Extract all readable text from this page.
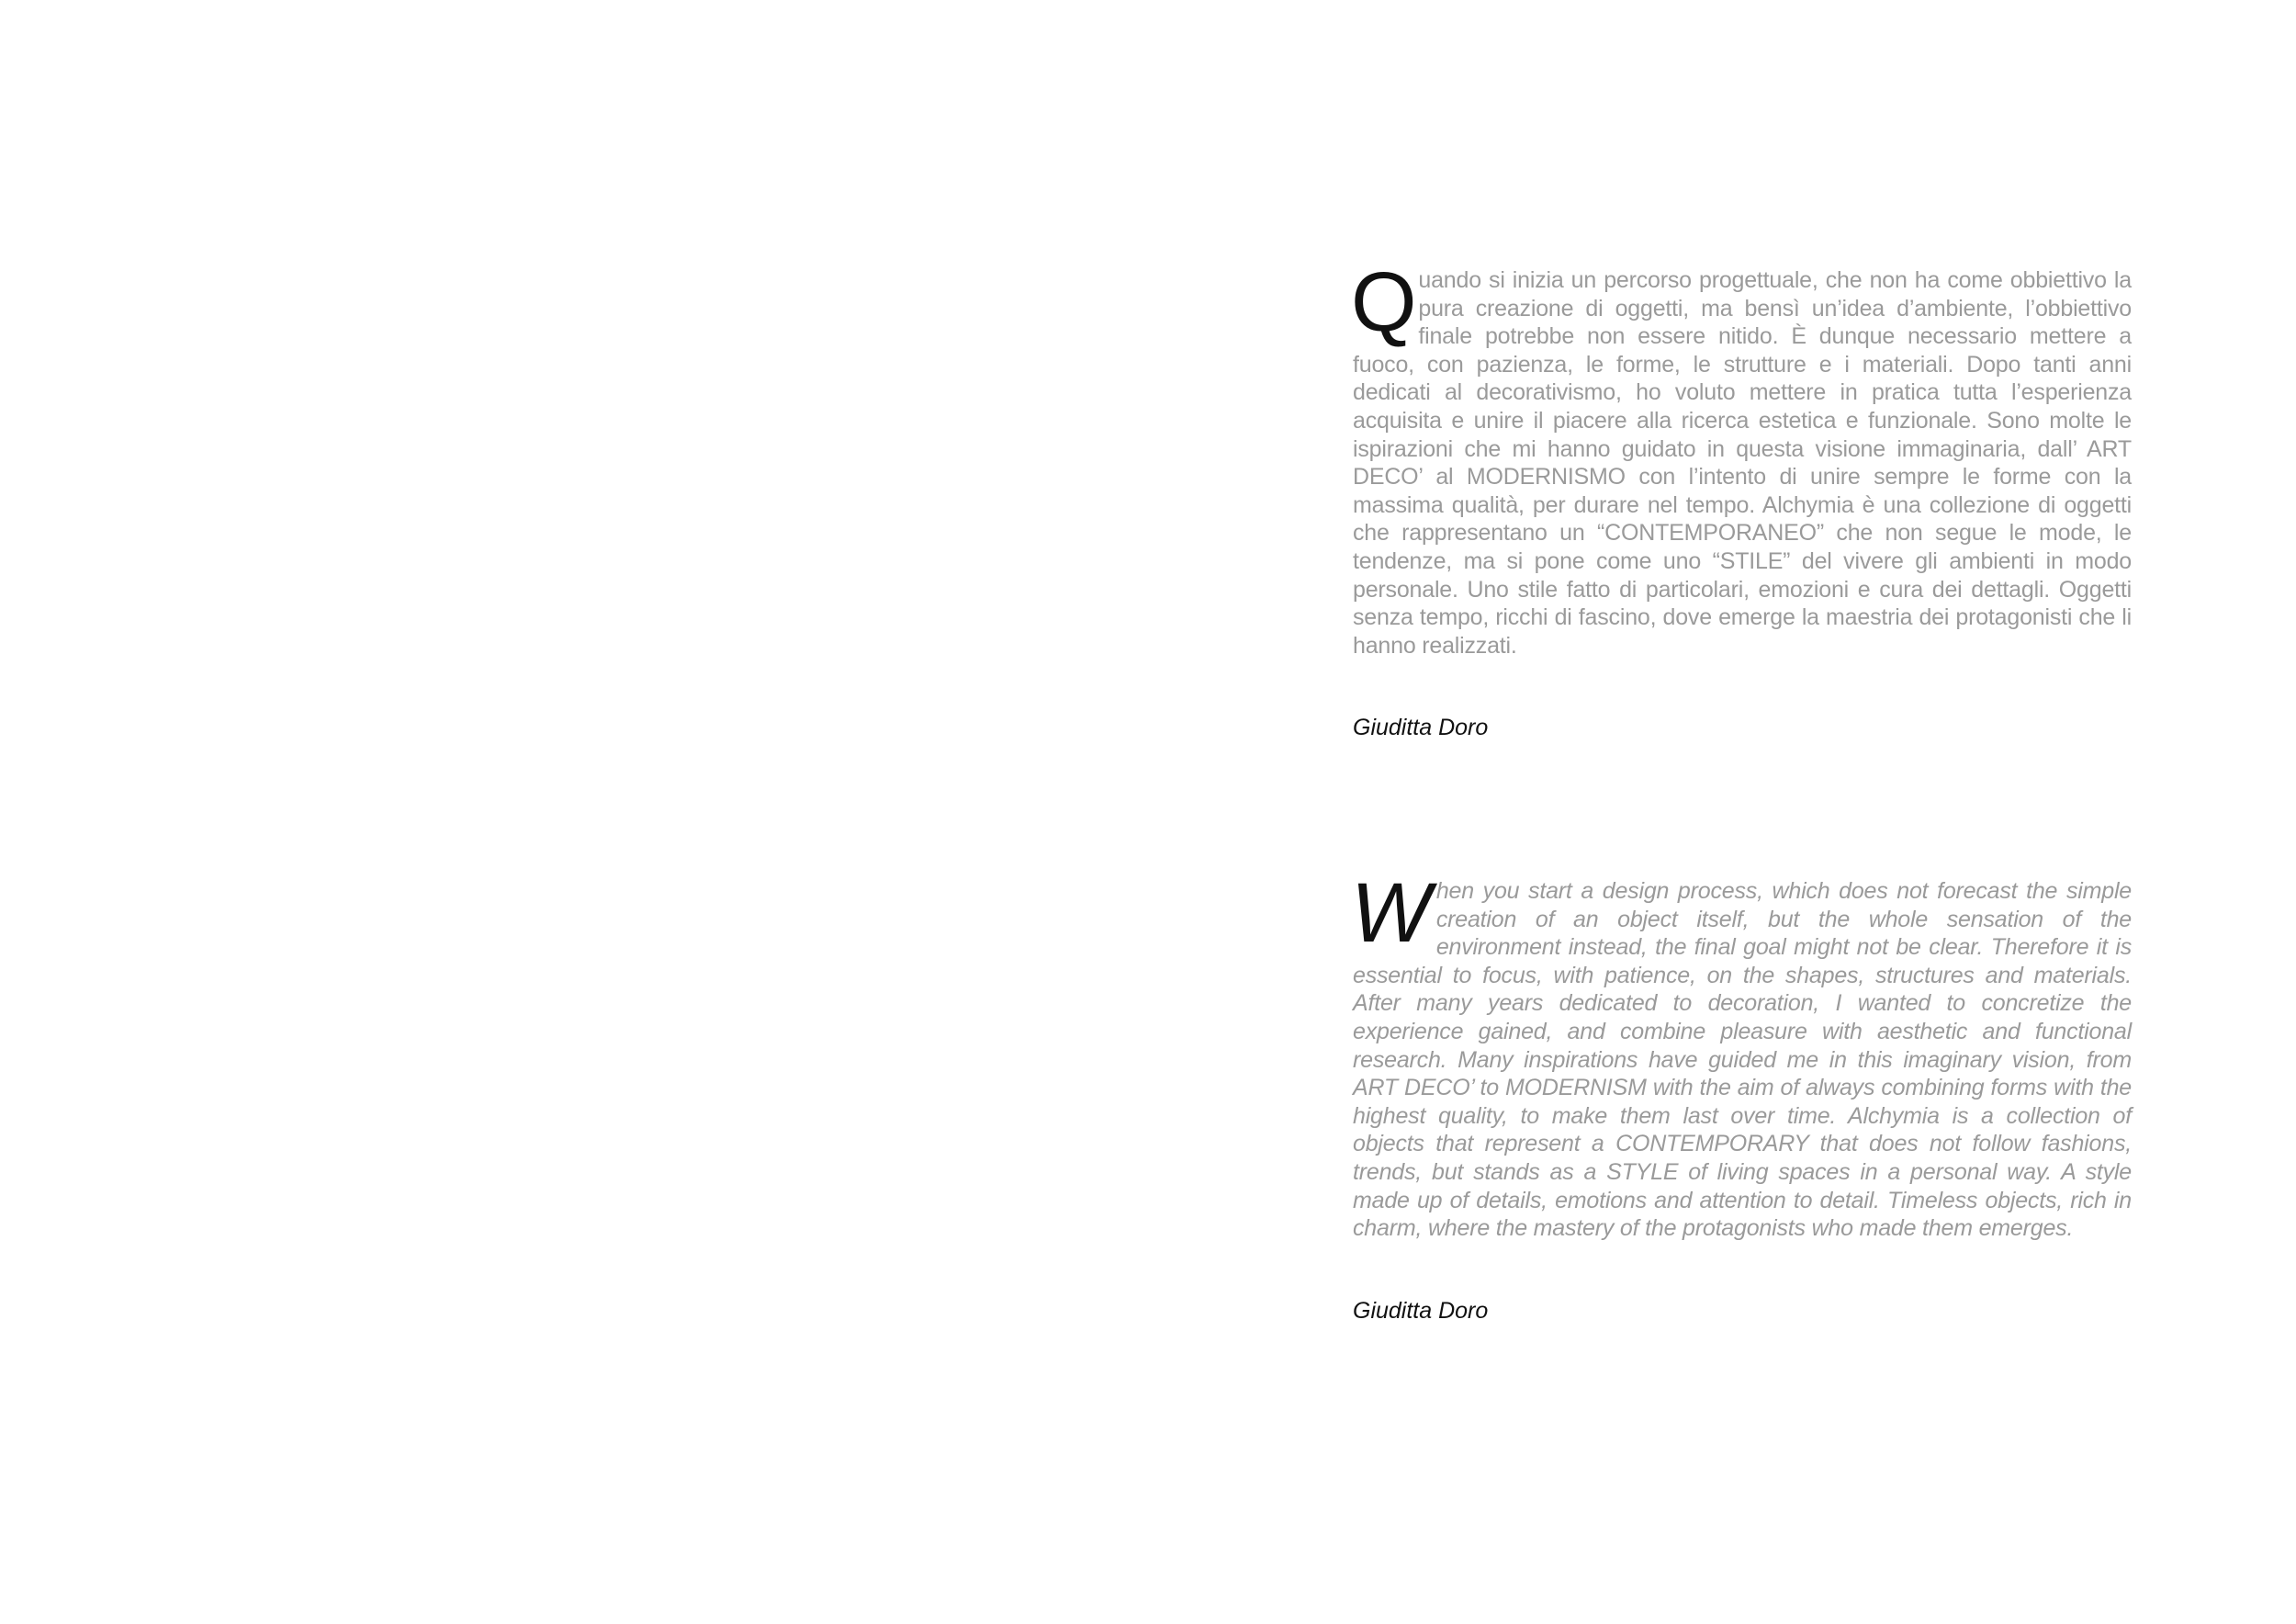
Quando si inizia un percorso progettuale, che non ha come obbiettivo la pura creazione di oggetti, ma bensì un’idea d’ambiente, l’obbiettivo finale potrebbe non essere nitido. È dunque necessario mettere a fuoco, con pazienza, le forme, le strutture e i materiali. Dopo tanti anni dedicati al decorativismo, ho voluto mettere in pratica tutta l’esperienza acquisita e unire il piacere alla ricerca estetica e funzionale. Sono molte le ispirazioni che mi hanno guidato in questa visione immaginaria, dall’ ART DECO’ al MODERNISMO con l’intento di unire sempre le forme con la massima qualità, per durare nel tempo. Alchymia è una collezione di oggetti che rappresentano un “CONTEMPORANEO” che non segue le mode, le tendenze, ma si pone come uno “STILE” del vivere gli ambienti in modo personale. Uno stile fatto di particolari, emozioni e cura dei dettagli. Oggetti senza tempo, ricchi di fascino, dove emerge la maestria dei protagonisti che li hanno realizzati.

Giuditta Doro

When you start a design process, which does not forecast the simple creation of an object itself, but the whole sensation of the environment instead, the final goal might not be clear. Therefore it is essential to focus, with patience, on the shapes, structures and materials. After many years dedicated to decoration, I wanted to concretize the experience gained, and combine pleasure with aesthetic and functional research. Many inspirations have guided me in this imaginary vision, from ART DECO’ to MODERNISM with the aim of always combining forms with the highest quality, to make them last over time. Alchymia is a collection of objects that represent a CONTEMPORARY that does not follow fashions, trends, but stands as a STYLE of living spaces in a personal way. A style made up of details, emotions and attention to detail. Timeless objects, rich in charm, where the mastery of the protagonists who made them emerges.

Giuditta Doro
